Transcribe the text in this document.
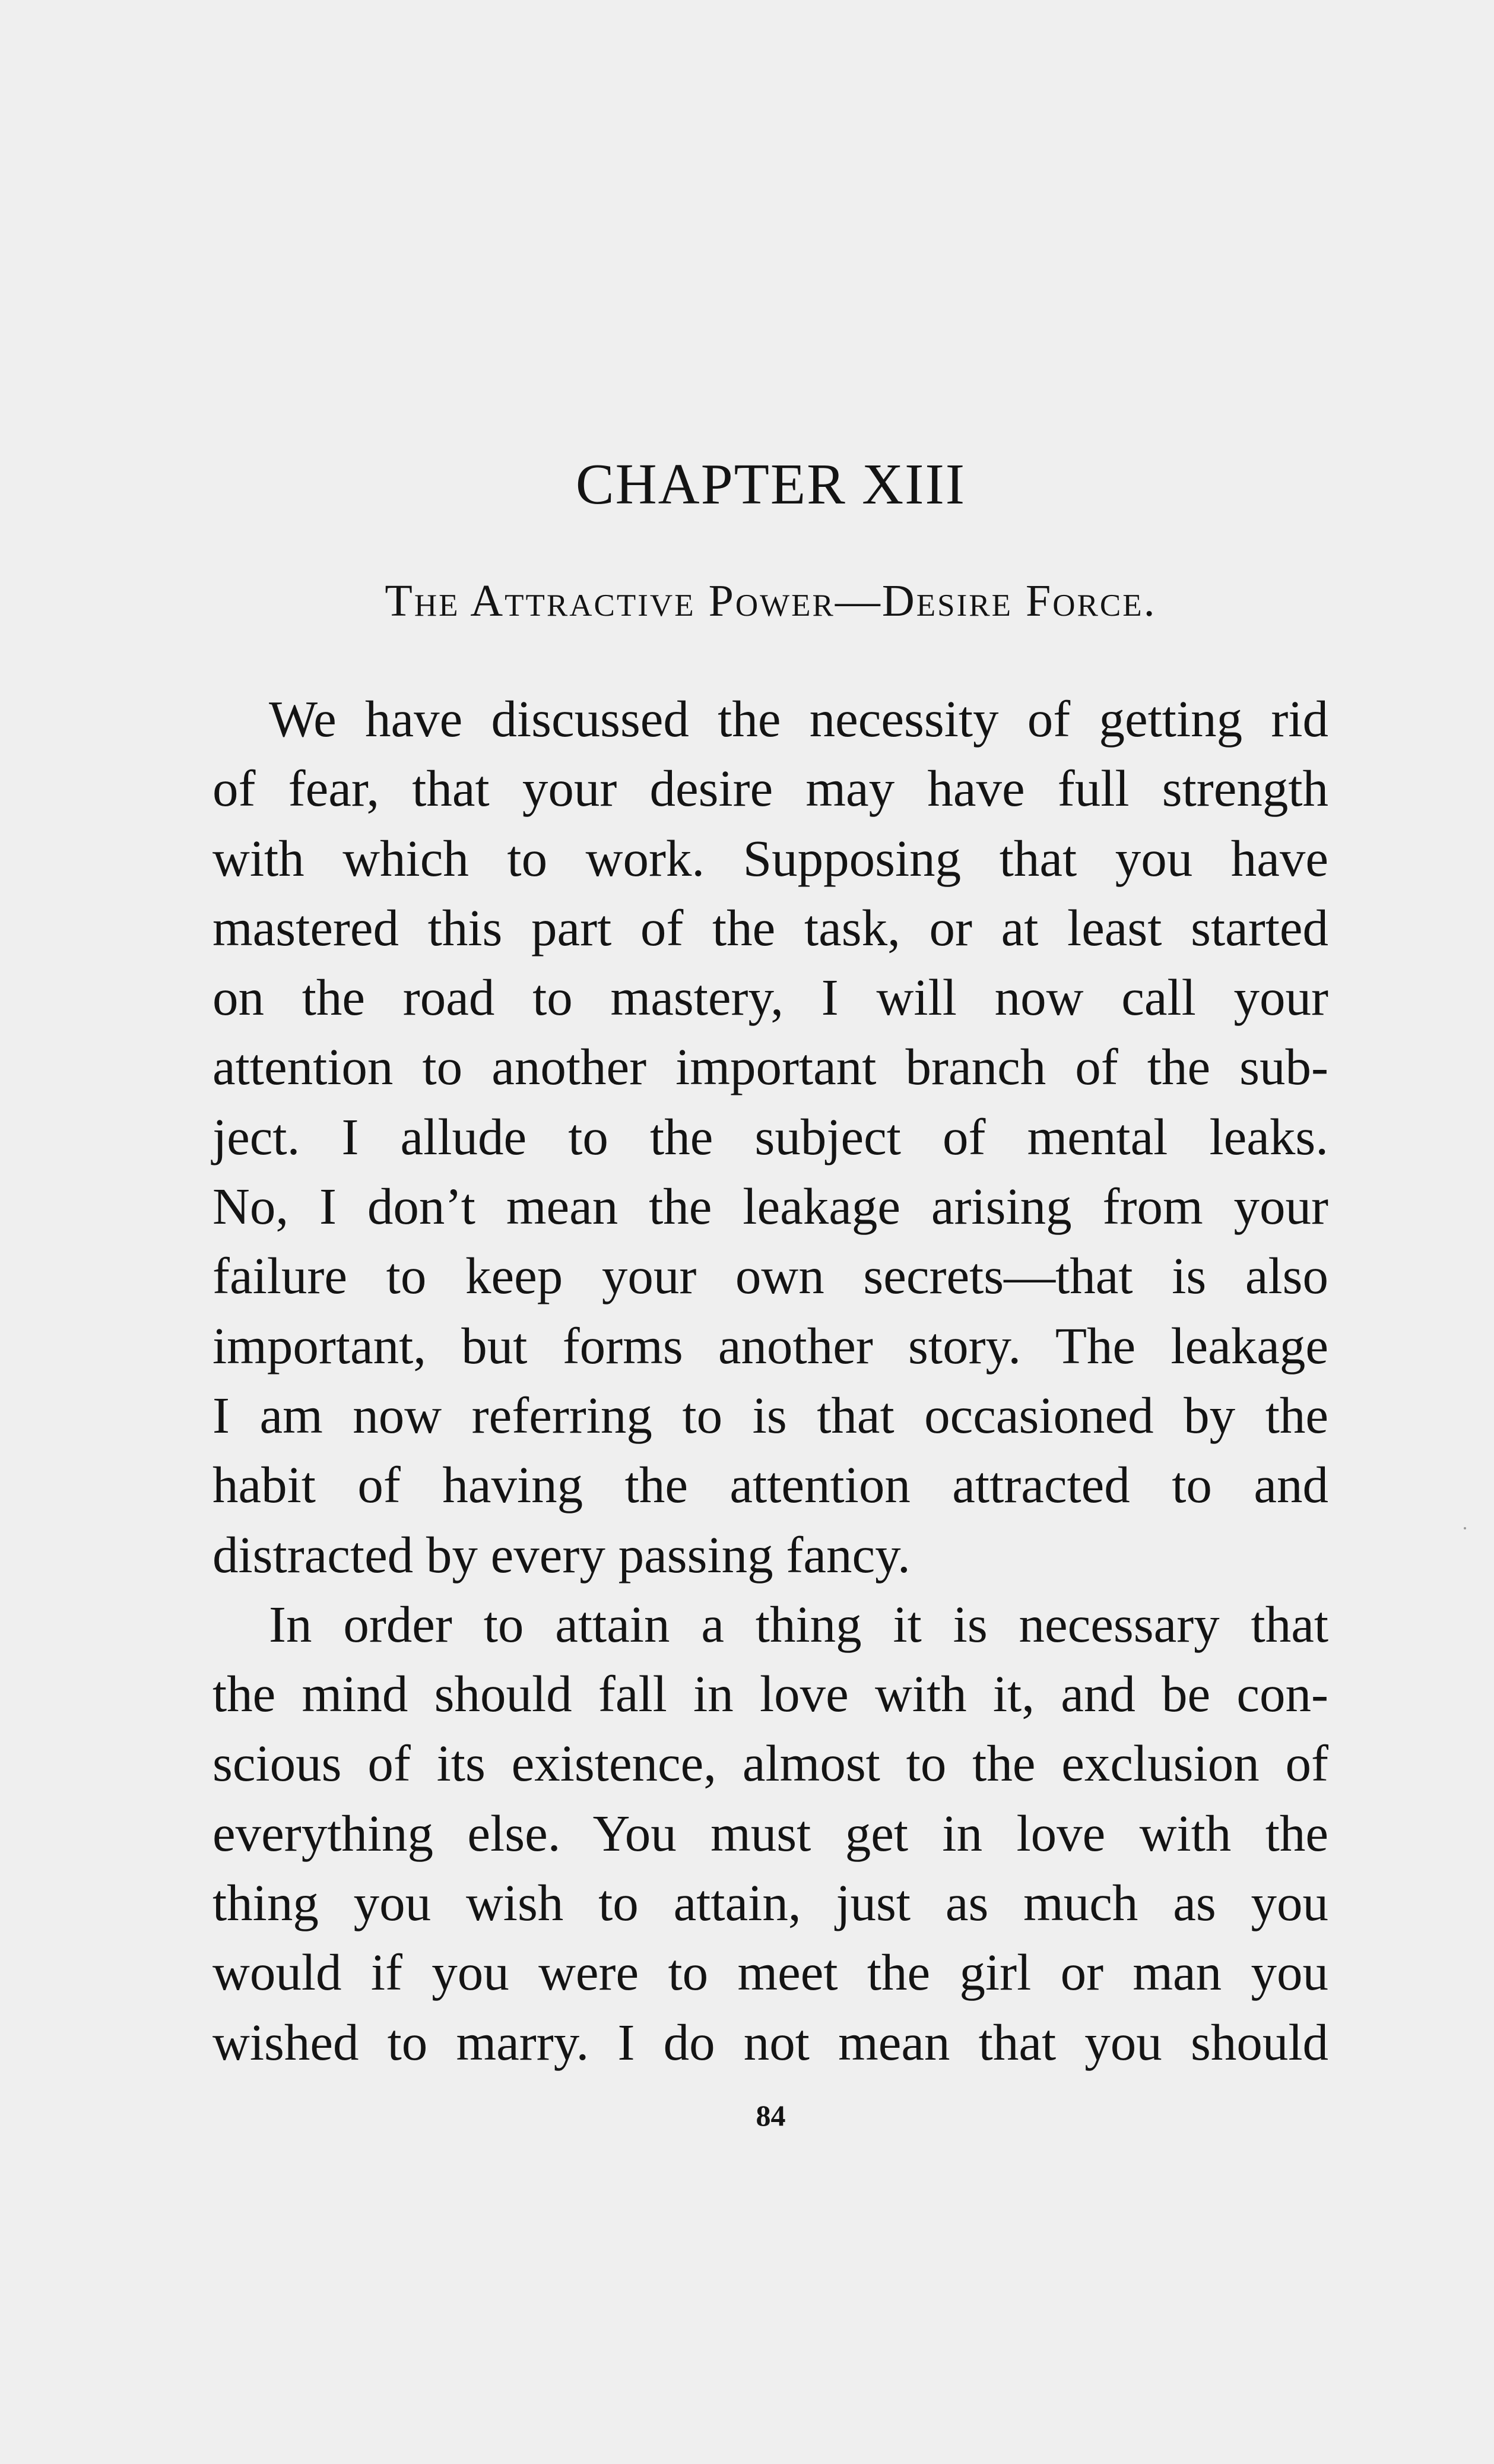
CHAPTER XIII
The Attractive Power—Desire Force.
We have discussed the necessity of getting rid
of fear, that your desire may have full strength
with which to work. Supposing that you have
mastered this part of the task, or at least started
on the road to mastery, I will now call your
attention to another important branch of the sub-
ject. I allude to the subject of mental leaks.
No, I don’t mean the leakage arising from your
failure to keep your own secrets—that is also
important, but forms another story. The leakage
I am now referring to is that occasioned by the
habit of having the attention attracted to and
distracted by every passing fancy.
In order to attain a thing it is necessary that
the mind should fall in love with it, and be con-
scious of its existence, almost to the exclusion of
everything else. You must get in love with the
thing you wish to attain, just as much as you
would if you were to meet the girl or man you
wished to marry. I do not mean that you should
84
